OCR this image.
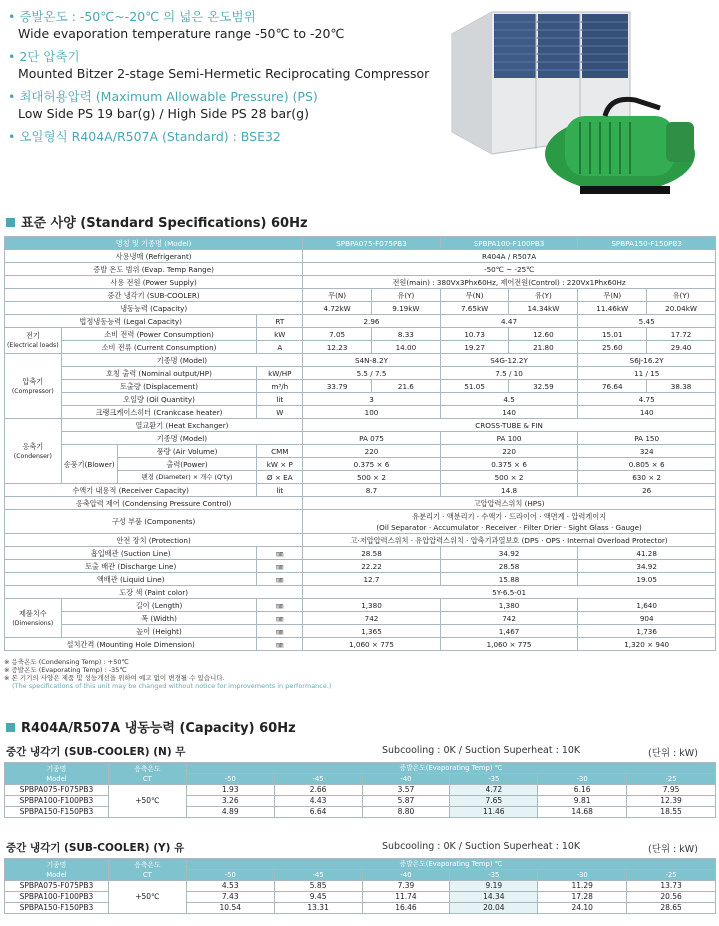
• 증발온도 : -50℃~-20℃ 의 넓은 온도범위
Wide evaporation temperature range -50℃ to -20℃
• 2단 압축기
Mounted Bitzer 2-stage Semi-Hermetic Reciprocating Compressor
• 최대허용압력 (Maximum Allowable Pressure) (PS)
Low Side PS 19 bar(g) / High Side PS 28 bar(g)
• 오일형식 R404A/R507A (Standard) : BSE32
표준 사양 (Standard Specifications) 60Hz
명칭 및 기종명 (Model)				SPBPA075-F075PB3		SPBPA100-F100PB3		SPBPA150-F150PB3	
사용냉매 (Refrigerant)				R404A / R507A					
증발 온도 범위 (Evap. Temp Range)				-50℃ ~ -25℃					
사용 전원 (Power Supply)				전원(main) : 380Vx3Phx60Hz, 제어전원(Control) : 220Vx1Phx60Hz					
중간 냉각기 (SUB-COOLER)				무(N)	유(Y)	무(N)	유(Y)	무(N)	유(Y)
냉동능력 (Capacity)				4.72kW	9.19kW	7.65kW	14.34kW	11.46kW	20.04kW
법정냉동능력 (Legal Capacity)			RT	2.96		4.47		5.45	
전기
(Electrical loads)	소비 전력 (Power Consumption)		kW	7.05	8.33	10.73	12.60	15.01	17.72
	소비 전류 (Current Consumption)		A	12.23	14.00	19.27	21.80	25.60	29.40
압축기
(Compressor)	기종명 (Model)			S4N-8.2Y		S4G-12.2Y		S6J-16.2Y	
	호칭 출력 (Nominal output/HP)		kW/HP	5.5 / 7.5		7.5 / 10		11 / 15	
	토출량 (Displacement)		m³/h	33.79	21.6	51.05	32.59	76.64	38.38
	오일량 (Oil Quantity)		lit	3		4.5		4.75	
	크랭크케이스히터 (Crankcase heater)		W	100		140		140	
응축기
(Condenser)	열교환기 (Heat Exchanger)			CROSS-TUBE & FIN					
	기종명 (Model)			PA 075		PA 100		PA 150	
	송풍기(Blower)	풍량 (Air Volume)	CMM	220		220		324	
		출력(Power)	kW × P	0.375 × 6		0.375 × 6		0.805 × 6	
		팬경 (Diameter) × 개수 (Q'ty)	Ø × EA	500 × 2		500 × 2		630 × 2	
수액기 내용적 (Receiver Capacity)			lit	8.7		14.8		26	
응축압력 제어 (Condensing Pressure Control)				고압압력스위치 (HPS)					
구성 부품 (Components)				유분리기 · 액분리기 · 수액기 · 드라이어 · 액면계 · 압력게이지
(Oil Separator · Accumulator · Receiver · Filter Drier · Sight Glass · Gauge)					
안전 장치 (Protection)				고·저압압력스위치 · 유압압력스위치 · 압축기과열보호 (DPS · OPS · Internal Overload Protector)					
흡입배관 (Suction Line)			㎜	28.58		34.92		41.28	
토출 배관 (Discharge Line)			㎜	22.22		28.58		34.92	
액배관 (Liquid Line)			㎜	12.7		15.88		19.05	
도장 색 (Paint color)				5Y-6.5-01					
제품치수
(Dimensions)	길이 (Length)		㎜	1,380		1,380		1,640	
	폭 (Width)		㎜	742		742		904	
	높이 (Height)		㎜	1,365		1,467		1,736	
설치간격 (Mounting Hole Dimension)			㎜	1,060 × 775		1,060 × 775		1,320 × 940	
※ 응축온도 (Condensing Temp) : +50℃
※ 증발온도 (Evaporating Temp) : -35℃
※ 본 기기의 사양은 제품 및 성능개선을 위하여 예고 없이 변경될 수 있습니다.
(The specifications of this unit may be changed without notice for improvements in performance.)
R404A/R507A 냉동능력 (Capacity) 60Hz
중간 냉각기 (SUB-COOLER) (N) 무	Subcooling : 0K / Suction Superheat : 10K	(단위 : kW)
기종명
Model	응축온도
CT	증발온도(Evaporating Temp) ℃					
		-50	-45	-40	-35	-30	-25
SPBPA075-F075PB3	+50℃	1.93	2.66	3.57	4.72	6.16	7.95
SPBPA100-F100PB3		3.26	4.43	5.87	7.65	9.81	12.39
SPBPA150-F150PB3		4.89	6.64	8.80	11.46	14.68	18.55
중간 냉각기 (SUB-COOLER) (Y) 유	Subcooling : 0K / Suction Superheat : 10K	(단위 : kW)
기종명
Model	응축온도
CT	증발온도(Evaporating Temp) ℃					
		-50	-45	-40	-35	-30	-25
SPBPA075-F075PB3	+50℃	4.53	5.85	7.39	9.19	11.29	13.73
SPBPA100-F100PB3		7.43	9.45	11.74	14.34	17.28	20.56
SPBPA150-F150PB3		10.54	13.31	16.46	20.04	24.10	28.65
